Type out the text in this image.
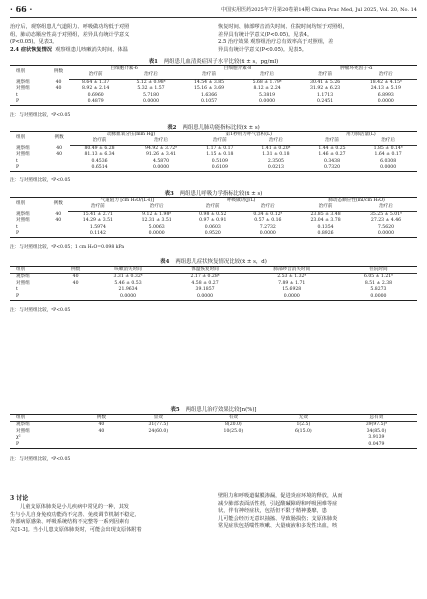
· 66 ·	中国实用医药2025年7月第20卷第14期 China Prac Med, Jul 2025, Vol. 20, No. 14
治疗后，观察组患儿气道阻力、呼吸做功均低于对照
组，肺动态顺应性高于对照组，差异具有统计学意义
(P<0.05)。见表3。
2.4 症状恢复情况 观察组患儿咳嗽消失时间、体温
恢复时间、肺部啰音消失时间、住院时间均短于对照组，
差异具有统计学意义(P<0.05)。见表4。
2.5 治疗效果 观察组治疗总有效率高于对照组，差
异具有统计学意义(P<0.05)。见表5。
表1 两组患儿血清炎症因子水平比较(x̄ ± s，pg/ml)
组别	例数	白细胞介素-6		白细胞介素-8		肿瘤坏死因子-α	
		治疗前	治疗后	治疗前	治疗后	治疗前	治疗后
观察组	40	8.64 ± 1.37	5.12 ± 0.98ᵃ	14.54 ± 3.85	5.68 ± 1.79ᵃ	30.41 ± 5.26	18.42 ± 4.15ᵃ
对照组	40	8.92 ± 2.14	5.32 ± 1.57	15.16 ± 3.69	8.12 ± 2.24	31.92 ± 6.23	24.13 ± 5.19
t		0.6960	5.7180	1.6366	5.3819	1.1713	6.8993
P		0.4879	0.0000	0.1057	0.0000	0.2451	0.0000
注：与对照组比较，ᵃP<0.05
表2 两组患儿肺功能指标比较(x̄ ± s)
组别	例数	动脉血氧分压(mm Hg)		第1秒用力呼气容积(L)		用力肺活量(L)	
		治疗前	治疗后	治疗前	治疗后	治疗前	治疗后
观察组	40	80.49 ± 6.28	94.92 ± 3.72ᵃ	1.17 ± 0.17	1.41 ± 0.20ᵃ	1.44 ± 0.25	1.85 ± 0.14ᵃ
对照组	40	81.13 ± 6.34	91.26 ± 3.41	1.15 ± 0.18	1.31 ± 0.18	1.46 ± 0.27	1.64 ± 0.17
t		0.4536	4.5870	0.5109	2.3505	0.3438	6.0308
P		0.6514	0.0000	0.6109	0.0213	0.7320	0.0000
注：与对照组比较，ᵃP<0.05
表3 两组患儿呼吸力学指标比较(x̄ ± s)
组别	例数	气道阻力 [cm H₂O/(L·s)]		呼吸做功(J/L)		肺动态顺应性(ml/cm H₂O)	
		治疗前	治疗后	治疗前	治疗后	治疗前	治疗后
观察组	40	15.41 ± 2.71	9.12 ± 1.98ᵃ	0.98 ± 0.52	0.34 ± 0.12ᵃ	23.85 ± 3.48	35.25 ± 5.01ᵃ
对照组	40	14.29 ± 3.51	12.31 ± 3.51	0.97 ± 0.91	0.57 ± 0.16	23.04 ± 3.78	27.23 ± 4.46
t		1.5974	5.0063	0.0603	7.2732	0.1354	7.5620
P		0.1142	0.0000	0.9520	0.0000	0.8926	0.0000
注：与对照组比较，ᵃP<0.05；1 cm H₂O=0.098 kPa
表4 两组患儿症状恢复情况比较(x̄ ± s，d)
组别	例数	咳嗽消失时间	体温恢复时间	肺部啰音消失时间	住院时间
观察组	40	3.31 ± 0.32ᵃ	2.17 ± 0.28ᵃ	2.53 ± 1.32ᵃ	6.05 ± 1.21ᵃ
对照组	40	5.46 ± 0.53	4.58 ± 0.27	7.89 ± 1.71	8.51 ± 2.38
t		21.9634	39.1857	15.6928	5.8273
P		0.0000	0.0000	0.0000	0.0000
注：与对照组比较，ᵃP<0.05
表5 两组患儿治疗效果比较[n(%)]
组别	例数	显效	有效	无效	总有效
观察组	40	31(77.5)	8(20.0)	1(2.5)	39(97.5)ᵃ
对照组	40	24(60.0)	10(25.0)	6(15.0)	34(85.0)
χ²					3.9139
P					0.0479
注：与对照组比较，ᵃP<0.05
3 讨论
儿童支原体肺炎是小儿疾病中常见的一种，其发
生与小儿自身免疫功能尚不完善、免疫调节机制不稳定、
外部病原感染、呼吸系统结构不完整等一系列因素有
关[1-3]。当小儿患支原体肺炎时，可能会出现支原体附着
壁阻力和呼吸道黏膜渗漏，促进炎症环境的释放，从而
减少肺部表面活性剂，引起酸碱障碍和呼吸困难等症
状，伴有神经症状，包括但不限于精神萎靡，患
儿可能会经历无意识抽搐、导致肠损伤；支原体肺炎
常见症状包括喘性咳嗽、大量痰液和多发性出血，咳
